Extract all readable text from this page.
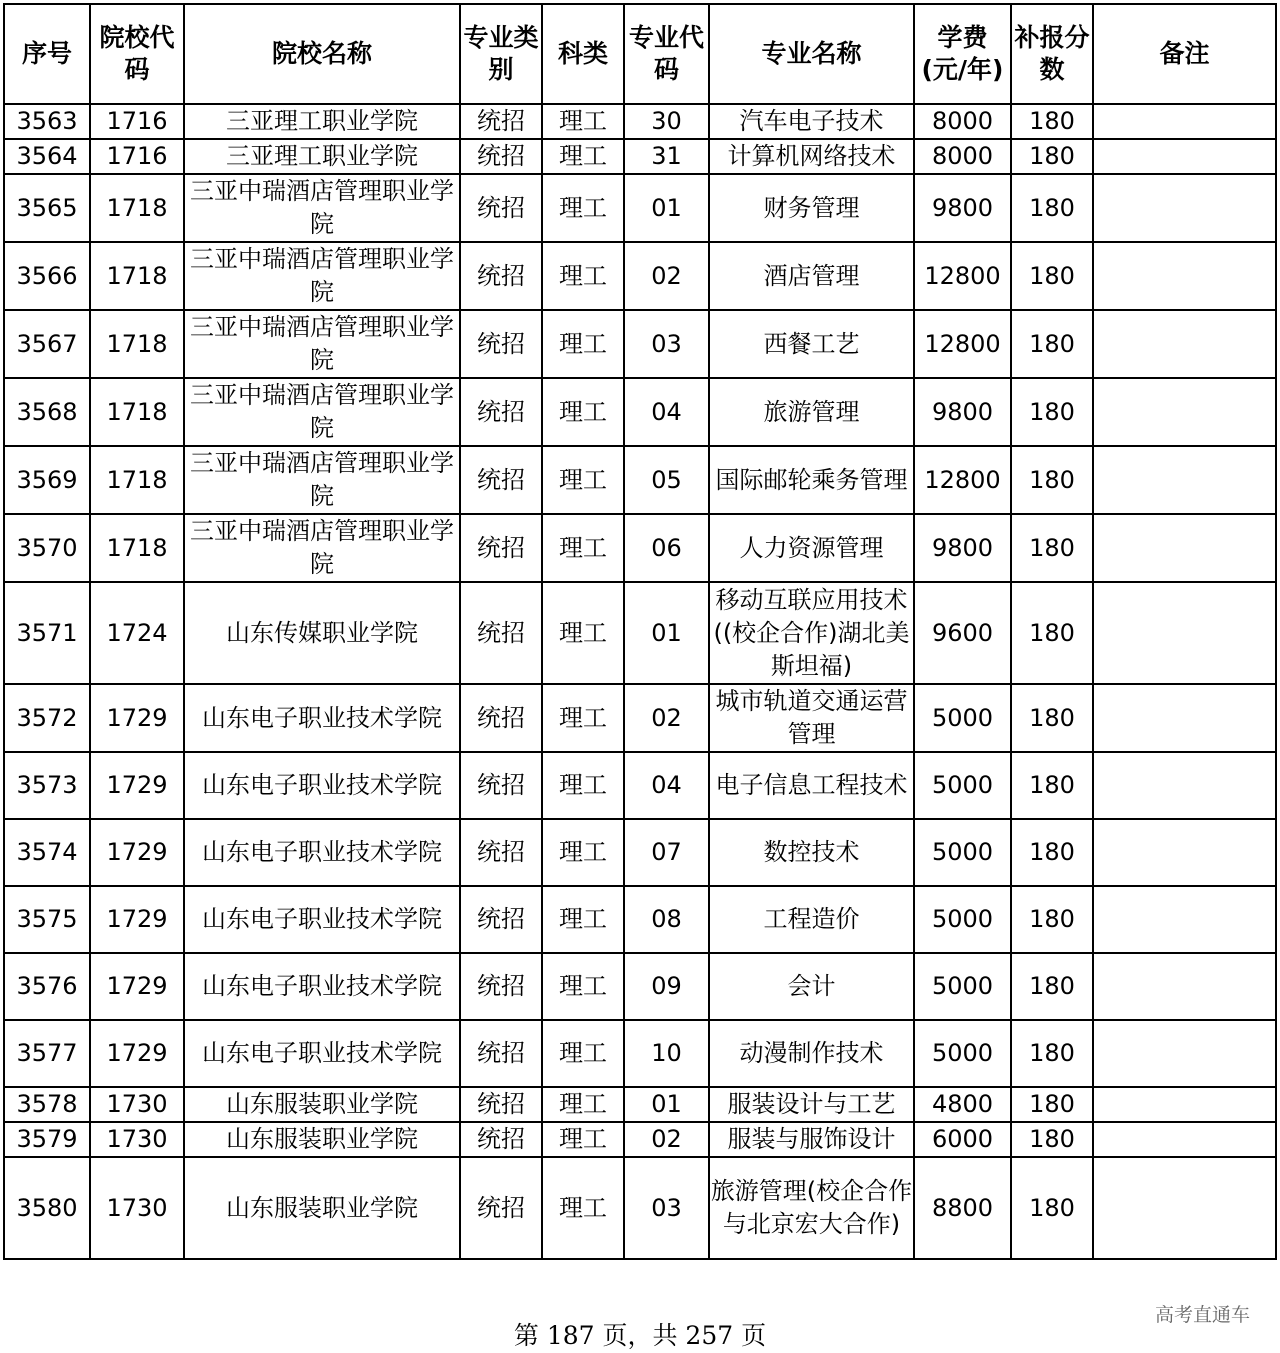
序号	院校代码	院校名称	专业类别	科类	专业代码	专业名称	学费(元/年)	补报分数	备注
3563	1716	三亚理工职业学院	统招	理工	30	汽车电子技术	8000	180	
3564	1716	三亚理工职业学院	统招	理工	31	计算机网络技术	8000	180	
3565	1718	三亚中瑞酒店管理职业学院	统招	理工	01	财务管理	9800	180	
3566	1718	三亚中瑞酒店管理职业学院	统招	理工	02	酒店管理	12800	180	
3567	1718	三亚中瑞酒店管理职业学院	统招	理工	03	西餐工艺	12800	180	
3568	1718	三亚中瑞酒店管理职业学院	统招	理工	04	旅游管理	9800	180	
3569	1718	三亚中瑞酒店管理职业学院	统招	理工	05	国际邮轮乘务管理	12800	180	
3570	1718	三亚中瑞酒店管理职业学院	统招	理工	06	人力资源管理	9800	180	
3571	1724	山东传媒职业学院	统招	理工	01	移动互联应用技术((校企合作)湖北美斯坦福)	9600	180	
3572	1729	山东电子职业技术学院	统招	理工	02	城市轨道交通运营管理	5000	180	
3573	1729	山东电子职业技术学院	统招	理工	04	电子信息工程技术	5000	180	
3574	1729	山东电子职业技术学院	统招	理工	07	数控技术	5000	180	
3575	1729	山东电子职业技术学院	统招	理工	08	工程造价	5000	180	
3576	1729	山东电子职业技术学院	统招	理工	09	会计	5000	180	
3577	1729	山东电子职业技术学院	统招	理工	10	动漫制作技术	5000	180	
3578	1730	山东服装职业学院	统招	理工	01	服装设计与工艺	4800	180	
3579	1730	山东服装职业学院	统招	理工	02	服装与服饰设计	6000	180	
3580	1730	山东服装职业学院	统招	理工	03	旅游管理(校企合作与北京宏大合作)	8800	180	
第 187 页，共 257 页
高考直通车
